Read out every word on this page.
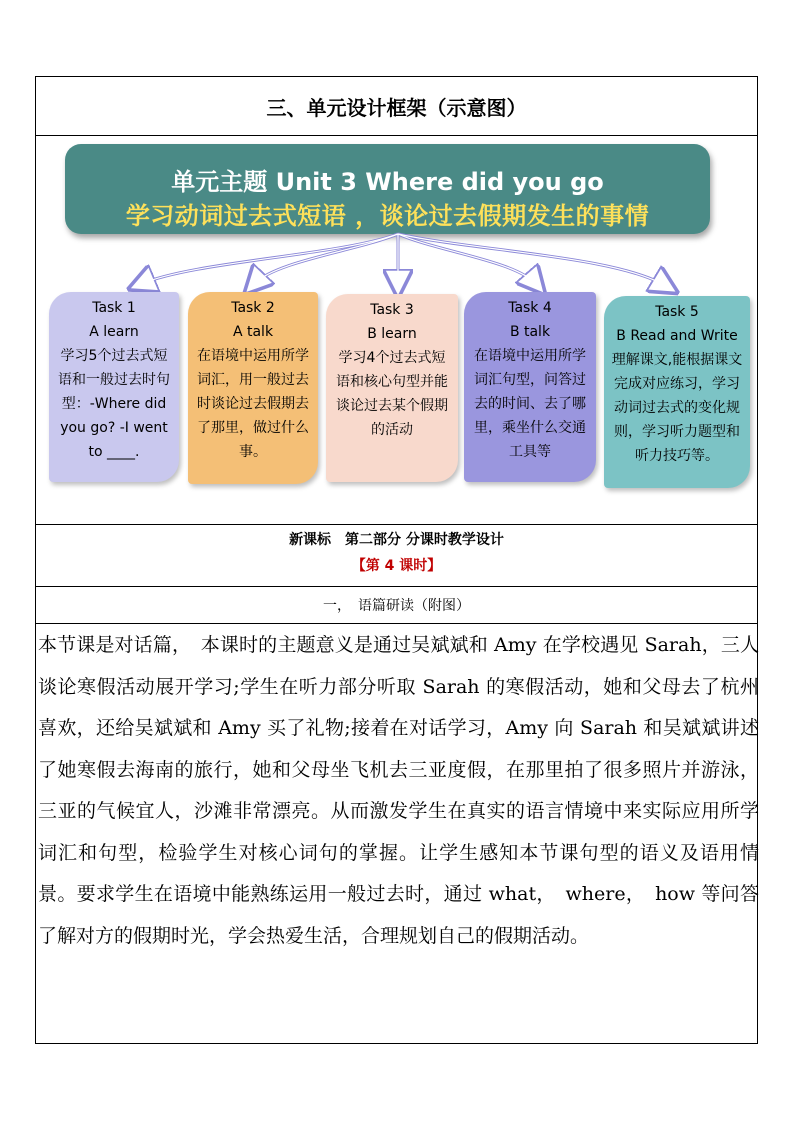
三、单元设计框架（示意图）
单元主题 Unit 3 Where did you go
学习动词过去式短语 ，谈论过去假期发生的事情
Task 1
A learn
学习5个过去式短语和一般过去时句型：-Where did you go? -I went to ____.
Task 2
A talk
在语境中运用所学词汇，用一般过去时谈论过去假期去了那里，做过什么事。
Task 3
B learn
学习4个过去式短语和核心句型并能谈论过去某个假期的活动
Task 4
B talk
在语境中运用所学词汇句型，问答过去的时间、去了哪里，乘坐什么交通工具等
Task 5
B Read and Write
理解课文,能根据课文完成对应练习，学习动词过去式的变化规则，学习听力题型和听力技巧等。
新课标　第二部分 分课时教学设计
【第 4 课时】
一，　语篇研读（附图）
本节课是对话篇，　本课时的主题意义是通过吴斌斌和 Amy 在学校遇见 Sarah，三人谈论寒假活动展开学习;学生在听力部分听取 Sarah 的寒假活动，她和父母去了杭州喜欢，还给吴斌斌和 Amy 买了礼物;接着在对话学习，Amy 向 Sarah 和吴斌斌讲述了她寒假去海南的旅行，她和父母坐飞机去三亚度假，在那里拍了很多照片并游泳，三亚的气候宜人，沙滩非常漂亮。从而激发学生在真实的语言情境中来实际应用所学词汇和句型，检验学生对核心词句的掌握。让学生感知本节课句型的语义及语用情景。要求学生在语境中能熟练运用一般过去时，通过 what，　where，　how 等问答了解对方的假期时光，学会热爱生活，合理规划自己的假期活动。
